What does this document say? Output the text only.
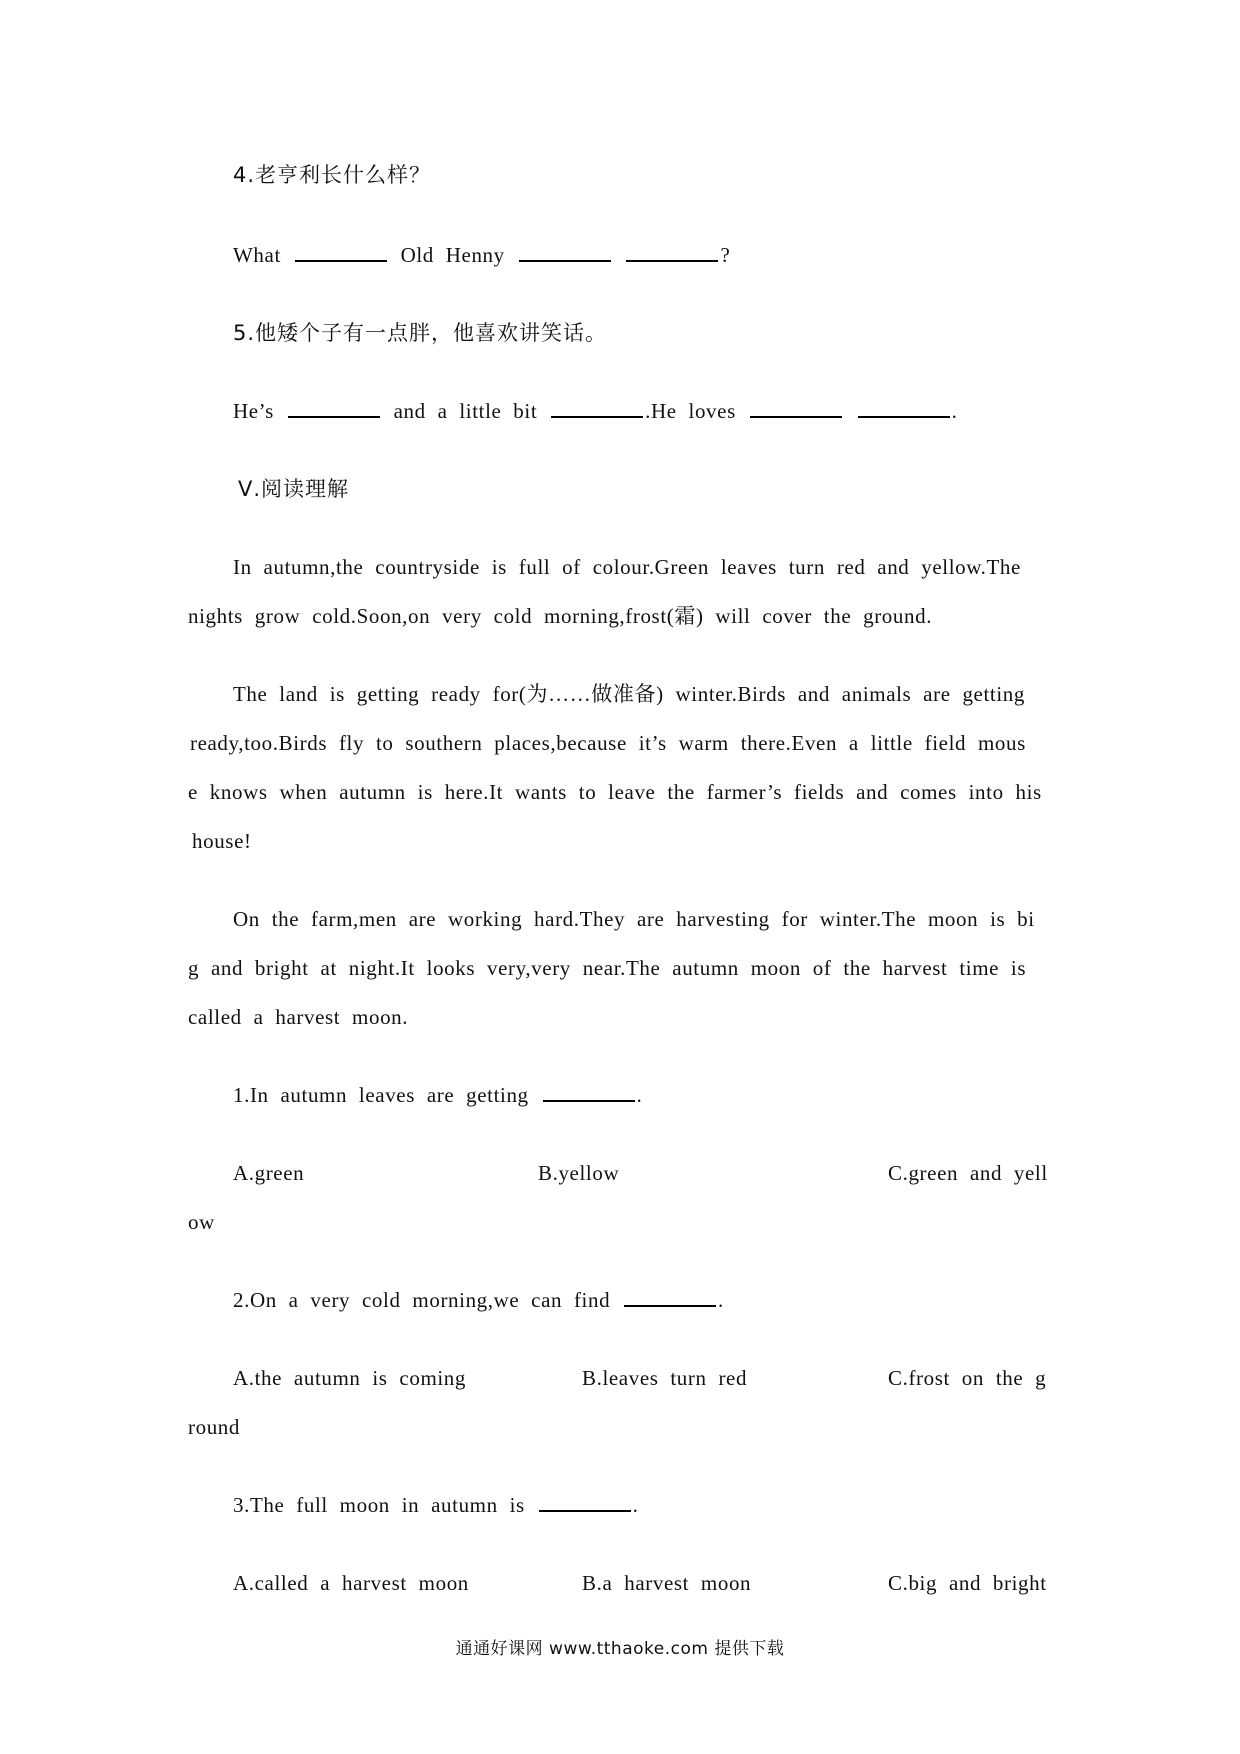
4.老亨利长什么样？
What	Old Henny	?
5.他矮个子有一点胖，他喜欢讲笑话。
He’s	and a little bit	.He loves	.
Ⅴ.阅读理解
In autumn,the countryside is full of colour.Green leaves turn red and yellow.The
nights grow cold.Soon,on very cold morning,frost(霜) will cover the ground.
The land is getting ready for(为……做准备) winter.Birds and animals are getting
ready,too.Birds fly to southern places,because it’s warm there.Even a little field mous
e knows when autumn is here.It wants to leave the farmer’s fields and comes into his
house!
On the farm,men are working hard.They are harvesting for winter.The moon is bi
g and bright at night.It looks very,very near.The autumn moon of the harvest time is
called a harvest moon.
1.In autumn leaves are getting	.
A.green	B.yellow	C.green and yell
ow
2.On a very cold morning,we can find	.
A.the autumn is coming	B.leaves turn red	C.frost on the g
round
3.The full moon in autumn is	.
A.called a harvest moon	B.a harvest moon	C.big and bright
通通好课网 www.tthaoke.com 提供下载
